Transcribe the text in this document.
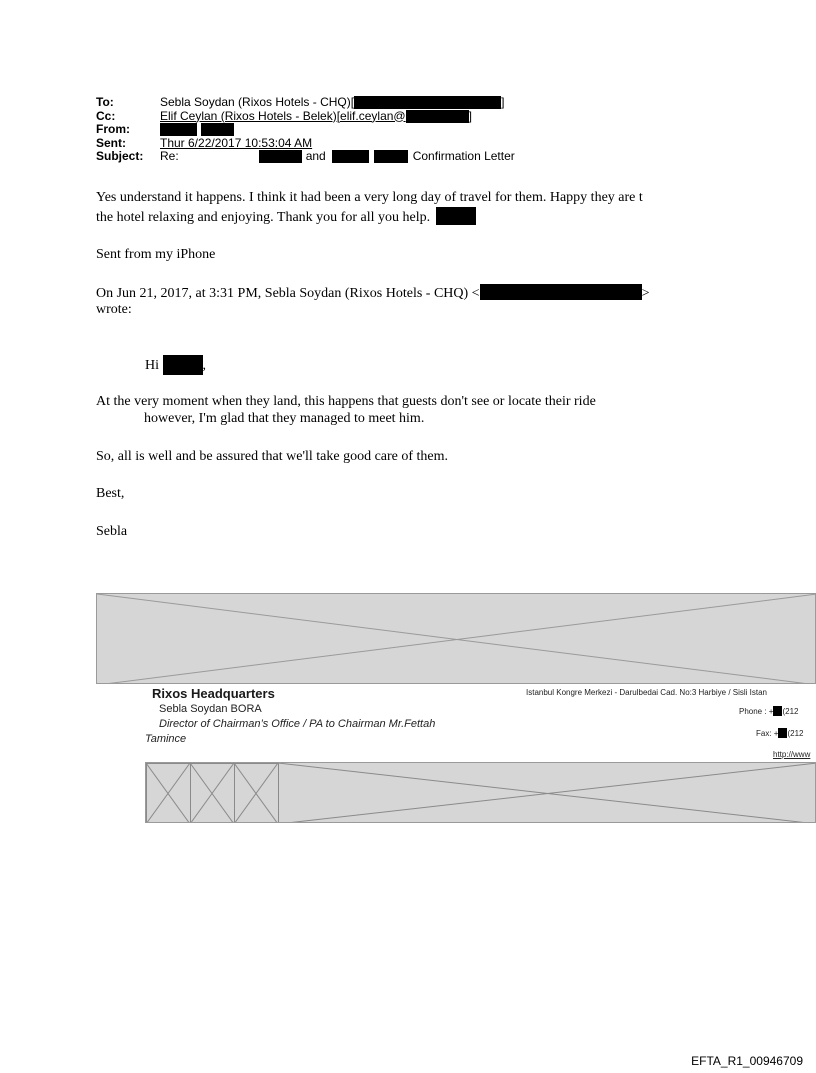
To:	Sebla Soydan (Rixos Hotels - CHQ)[	]
Cc:	Elif Ceylan (Rixos Hotels - Belek)[elif.ceylan@	]
From:
Sent:	Thur 6/22/2017 10:53:04 AM
Subject:	Re:	and	Confirmation Letter
Yes understand it happens. I think it had been a very long day of travel for them. Happy they are t
the hotel relaxing and enjoying. Thank you for all you help.
Sent from my iPhone
On Jun 21, 2017, at 3:31 PM, Sebla Soydan (Rixos Hotels - CHQ) <	>
wrote:
Hi	,
At the very moment when they land, this happens that guests don't see or locate their ride
however, I'm glad that they managed to meet him.
So, all is well and be assured that we'll take good care of them.
Best,
Sebla
Rixos Headquarters
Sebla Soydan BORA
Director of Chairman’s Office / PA to Chairman Mr.Fettah
Tamince
Istanbul Kongre Merkezi - Darulbedai Cad. No:3 Harbiye / Sisli Istan
Phone : + (212
Fax: + (212
http://www
EFTA_R1_00946709
